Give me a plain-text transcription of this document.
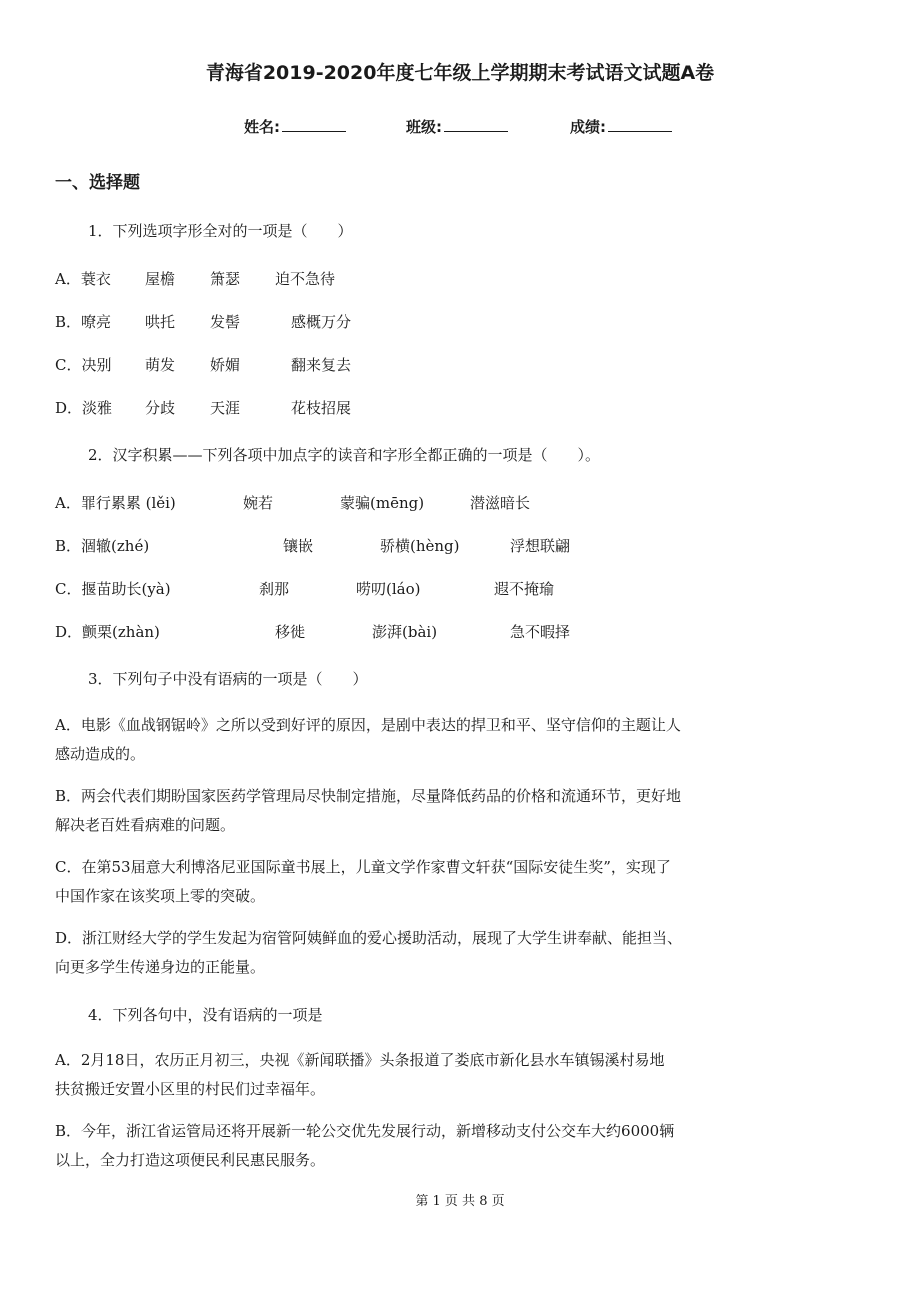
青海省2019-2020年度七年级上学期期末考试语文试题A卷
姓名:	班级:	成绩:
一、选择题
1．下列选项字形全对的一项是（　　）
A．蓑衣 屋檐 箫瑟 迫不急待
B．嘹亮 哄托 发髻	感概万分
C．决别 萌发 娇媚	翻来复去
D．淡雅 分歧 天涯	花枝招展
2．汉字积累——下列各项中加点字的读音和字形全都正确的一项是（　　）。
A．罪行累累 (lěi)	婉若	蒙骗(mēng)	潜滋暗长
B．涸辙(zhé)	镶嵌	骄横(hèng)	浮想联翩
C．揠苗助长(yà)	刹那	唠叨(láo)	遐不掩瑜
D．颤栗(zhàn)	移徙	澎湃(bài)	急不暇择
3．下列句子中没有语病的一项是（　　）
A．电影《血战钢锯岭》之所以受到好评的原因，是剧中表达的捍卫和平、坚守信仰的主题让人
感动造成的。
B．两会代表们期盼国家医药学管理局尽快制定措施，尽量降低药品的价格和流通环节，更好地
解决老百姓看病难的问题。
C．在第53届意大利博洛尼亚国际童书展上，儿童文学作家曹文轩获“国际安徒生奖”，实现了
中国作家在该奖项上零的突破。
D．浙江财经大学的学生发起为宿管阿姨鲜血的爱心援助活动，展现了大学生讲奉献、能担当、
向更多学生传递身边的正能量。
4．下列各句中，没有语病的一项是
A．2月18日，农历正月初三，央视《新闻联播》头条报道了娄底市新化县水车镇锡溪村易地
扶贫搬迁安置小区里的村民们过幸福年。
B．今年，浙江省运管局还将开展新一轮公交优先发展行动，新增移动支付公交车大约6000辆
以上，全力打造这项便民利民惠民服务。
第 1 页 共 8 页
